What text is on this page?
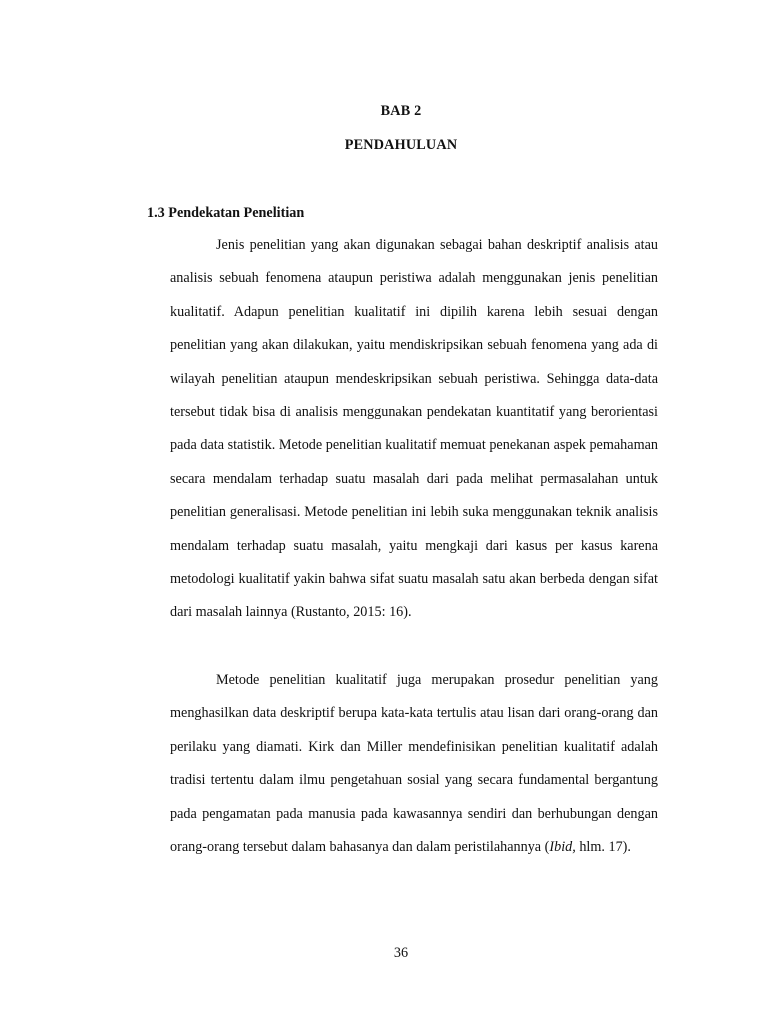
BAB 2
PENDAHULUAN
1.3 Pendekatan Penelitian

Jenis penelitian yang akan digunakan sebagai bahan deskriptif analisis atau analisis sebuah fenomena ataupun peristiwa adalah menggunakan jenis penelitian kualitatif. Adapun penelitian kualitatif ini dipilih karena lebih sesuai dengan penelitian yang akan dilakukan, yaitu mendiskripsikan sebuah fenomena yang ada di wilayah penelitian ataupun mendeskripsikan sebuah peristiwa. Sehingga data-data tersebut tidak bisa di analisis menggunakan pendekatan kuantitatif yang berorientasi pada data statistik. Metode penelitian kualitatif memuat penekanan aspek pemahaman secara mendalam terhadap suatu masalah dari pada melihat permasalahan untuk penelitian generalisasi. Metode penelitian ini lebih suka menggunakan teknik analisis mendalam terhadap suatu masalah, yaitu mengkaji dari kasus per kasus karena metodologi kualitatif yakin bahwa sifat suatu masalah satu akan berbeda dengan sifat dari masalah lainnya (Rustanto, 2015: 16).

Metode penelitian kualitatif juga merupakan prosedur penelitian yang menghasilkan data deskriptif berupa kata-kata tertulis atau lisan dari orang-orang dan perilaku yang diamati. Kirk dan Miller mendefinisikan penelitian kualitatif adalah tradisi tertentu dalam ilmu pengetahuan sosial yang secara fundamental bergantung pada pengamatan pada manusia pada kawasannya sendiri dan berhubungan dengan orang-orang tersebut dalam bahasanya dan dalam peristilahannya (Ibid, hlm. 17).

36
